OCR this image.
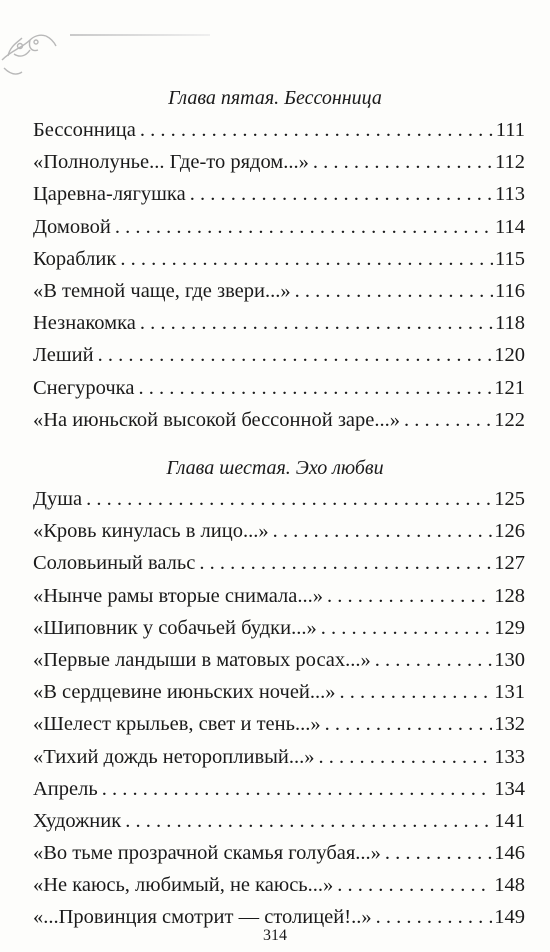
Глава пятая. Бессонница
Бессонница . . .	111
«Полнолунье... Где-то рядом...» . . .	112
Царевна-лягушка . . .	113
Домовой . . .	114
Кораблик . . .	115
«В темной чаще, где звери...» . . .	116
Незнакомка . . .	118
Леший . . .	120
Снегурочка . . .	121
«На июньской высокой бессонной заре...» . . .	122
Глава шестая. Эхо любви
Душа . . .	125
«Кровь кинулась в лицо...» . . .	126
Соловьиный вальс . . .	127
«Нынче рамы вторые снимала...» . . .	128
«Шиповник у собачьей будки...» . . .	129
«Первые ландыши в матовых росах...» . . .	130
«В сердцевине июньских ночей...» . . .	131
«Шелест крыльев, свет и тень...» . . .	132
«Тихий дождь неторопливый...» . . .	133
Апрель . . .	134
Художник . . .	141
«Во тьме прозрачной скамья голубая...» . . .	146
«Не каюсь, любимый, не каюсь...» . . .	148
«...Провинция смотрит — столицей!..» . . .	149
314
